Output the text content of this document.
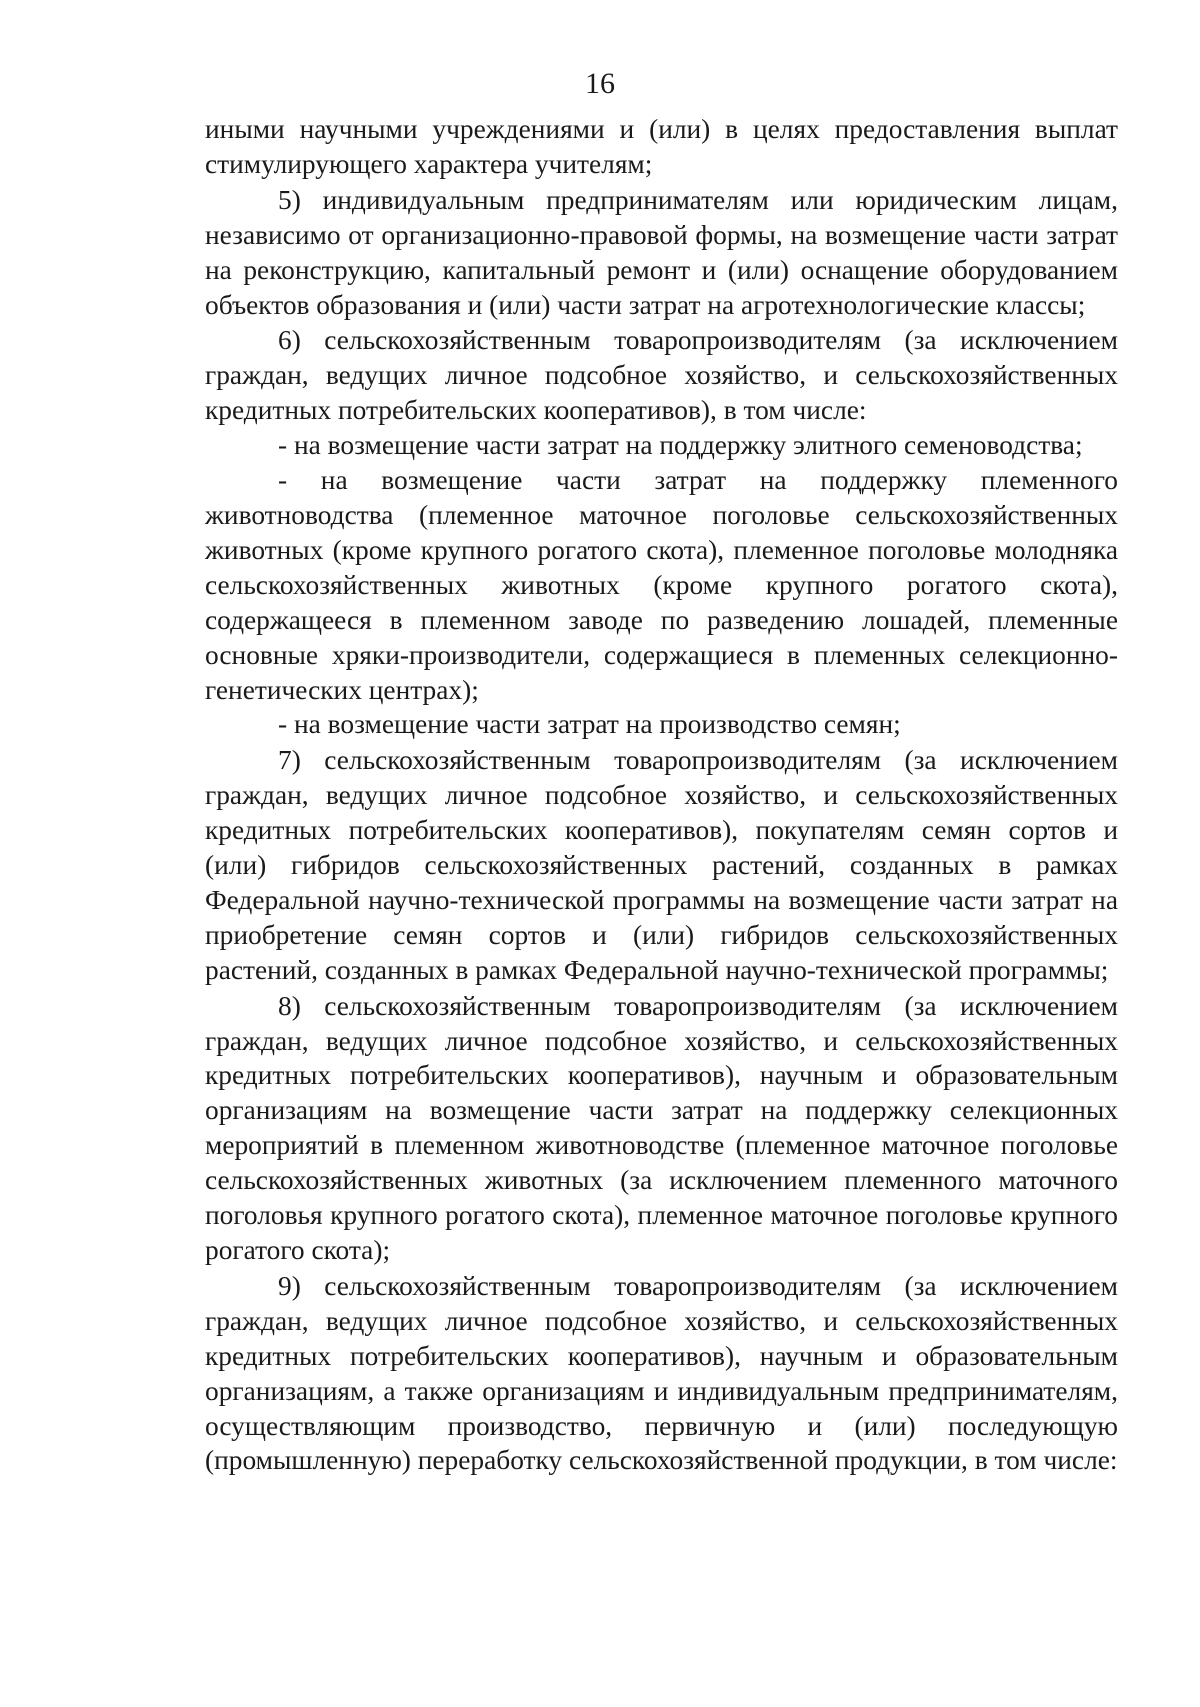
16

иными научными учреждениями и (или) в целях предоставления выплат стимулирующего характера учителям;

5) индивидуальным предпринимателям или юридическим лицам, независимо от организационно-правовой формы, на возмещение части затрат на реконструкцию, капитальный ремонт и (или) оснащение оборудованием объектов образования и (или) части затрат на агротехнологические классы;

6) сельскохозяйственным товаропроизводителям (за исключением граждан, ведущих личное подсобное хозяйство, и сельскохозяйственных кредитных потребительских кооперативов), в том числе:

- на возмещение части затрат на поддержку элитного семеноводства;

- на возмещение части затрат на поддержку племенного животноводства (племенное маточное поголовье сельскохозяйственных животных (кроме крупного рогатого скота), племенное поголовье молодняка сельскохозяйственных животных (кроме крупного рогатого скота), содержащееся в племенном заводе по разведению лошадей, племенные основные хряки-производители, содержащиеся в племенных селекционно-генетических центрах);

- на возмещение части затрат на производство семян;

7) сельскохозяйственным товаропроизводителям (за исключением граждан, ведущих личное подсобное хозяйство, и сельскохозяйственных кредитных потребительских кооперативов), покупателям семян сортов и (или) гибридов сельскохозяйственных растений, созданных в рамках Федеральной научно-технической программы на возмещение части затрат на приобретение семян сортов и (или) гибридов сельскохозяйственных растений, созданных в рамках Федеральной научно-технической программы;

8) сельскохозяйственным товаропроизводителям (за исключением граждан, ведущих личное подсобное хозяйство, и сельскохозяйственных кредитных потребительских кооперативов), научным и образовательным организациям на возмещение части затрат на поддержку селекционных мероприятий в племенном животноводстве (племенное маточное поголовье сельскохозяйственных животных (за исключением племенного маточного поголовья крупного рогатого скота), племенное маточное поголовье крупного рогатого скота);

9) сельскохозяйственным товаропроизводителям (за исключением граждан, ведущих личное подсобное хозяйство, и сельскохозяйственных кредитных потребительских кооперативов), научным и образовательным организациям, а также организациям и индивидуальным предпринимателям, осуществляющим производство, первичную и (или) последующую (промышленную) переработку сельскохозяйственной продукции, в том числе:
